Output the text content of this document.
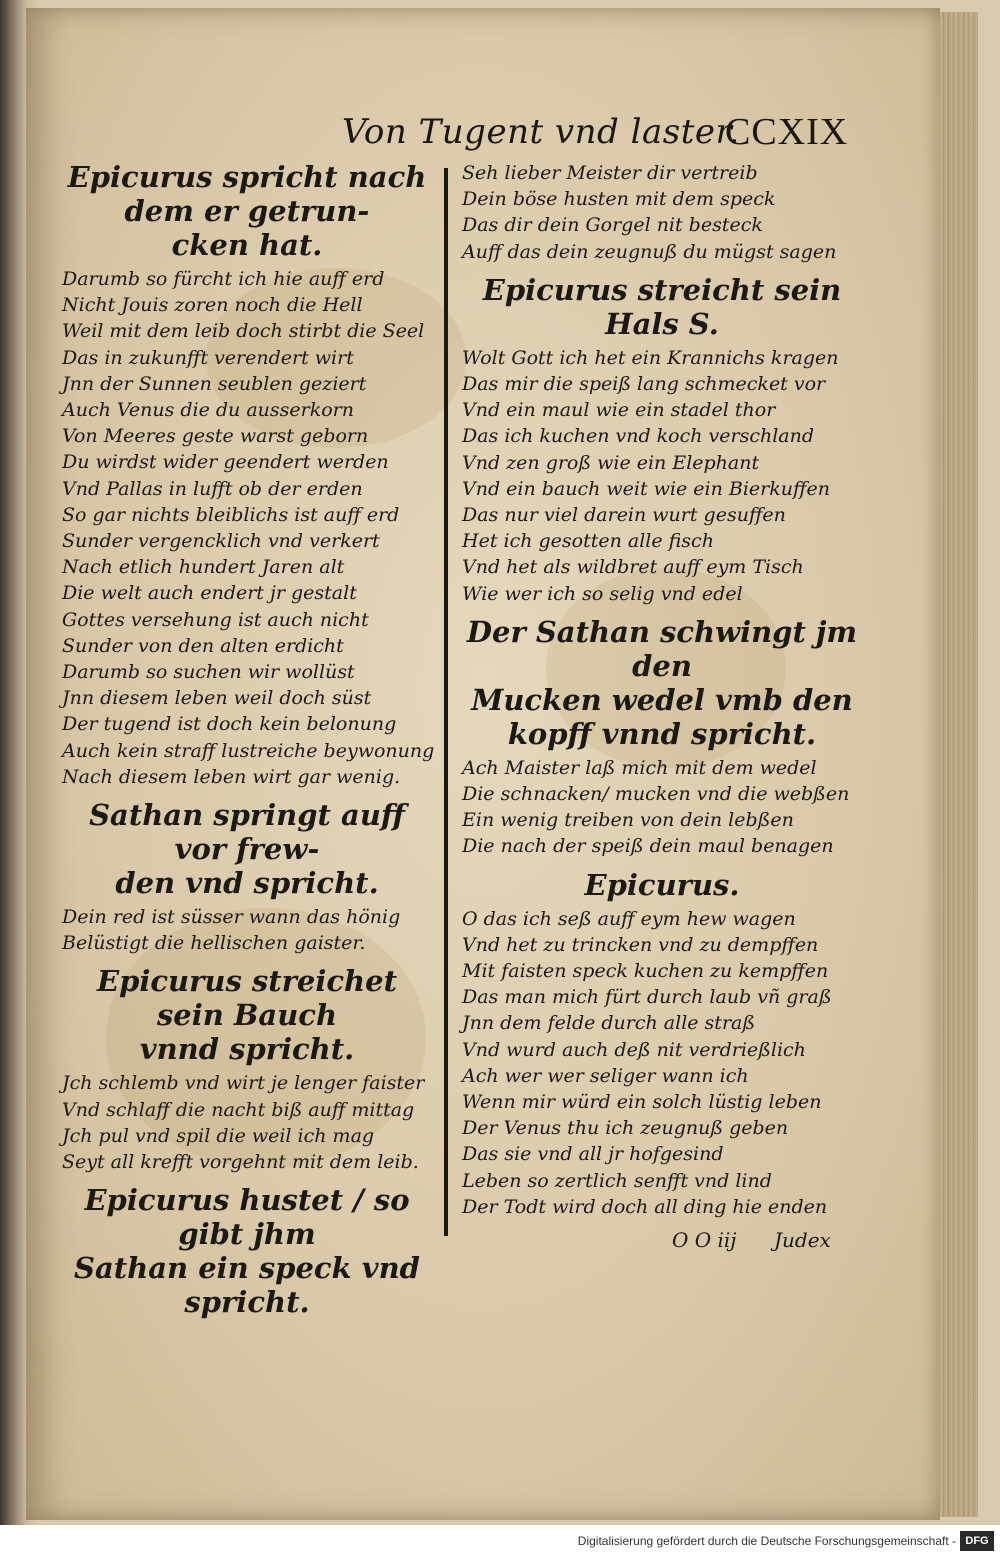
Von Tugent vnd laster.
CCXIX
Epicurus spricht nach
dem er getrun-
cken hat.
Darumb so fürcht ich hie auff erd
Nicht Jouis zoren noch die Hell
Weil mit dem leib doch stirbt die Seel
Das in zukunfft verendert wirt
Jnn der Sunnen seublen geziert
Auch Venus die du ausserkorn
Von Meeres geste warst geborn
Du wirdst wider geendert werden
Vnd Pallas in lufft ob der erden
So gar nichts bleiblichs ist auff erd
Sunder vergencklich vnd verkert
Nach etlich hundert Jaren alt
Die welt auch endert jr gestalt
Gottes versehung ist auch nicht
Sunder von den alten erdicht
Darumb so suchen wir wollüst
Jnn diesem leben weil doch süst
Der tugend ist doch kein belonung
Auch kein straff lustreiche beywonung
Nach diesem leben wirt gar wenig.
Sathan springt auff vor frew-
den vnd spricht.
Dein red ist süsser wann das hönig
Belüstigt die hellischen gaister.
Epicurus streichet sein Bauch
vnnd spricht.
Jch schlemb vnd wirt je lenger faister
Vnd schlaff die nacht biß auff mittag
Jch pul vnd spil die weil ich mag
Seyt all krefft vorgehnt mit dem leib.
Epicurus hustet / so gibt jhm
Sathan ein speck vnd
spricht.
Seh lieber Meister dir vertreib
Dein böse husten mit dem speck
Das dir dein Gorgel nit besteck
Auff das dein zeugnuß du mügst sagen
Epicurus streicht sein
Hals S.
Wolt Gott ich het ein Krannichs kragen
Das mir die speiß lang schmecket vor
Vnd ein maul wie ein stadel thor
Das ich kuchen vnd koch verschland
Vnd zen groß wie ein Elephant
Vnd ein bauch weit wie ein Bierkuffen
Das nur viel darein wurt gesuffen
Het ich gesotten alle fisch
Vnd het als wildbret auff eym Tisch
Wie wer ich so selig vnd edel
Der Sathan schwingt jm den
Mucken wedel vmb den
kopff vnnd spricht.
Ach Maister laß mich mit dem wedel
Die schnacken/ mucken vnd die webßen
Ein wenig treiben von dein lebßen
Die nach der speiß dein maul benagen
Epicurus.
O das ich seß auff eym hew wagen
Vnd het zu trincken vnd zu dempffen
Mit faisten speck kuchen zu kempffen
Das man mich fürt durch laub vñ graß
Jnn dem felde durch alle straß
Vnd wurd auch deß nit verdrießlich
Ach wer wer seliger wann ich
Wenn mir würd ein solch lüstig leben
Der Venus thu ich zeugnuß geben
Das sie vnd all jr hofgesind
Leben so zertlich senfft vnd lind
Der Todt wird doch all ding hie enden
O O iij Judex
Digitalisierung gefördert durch die Deutsche Forschungsgemeinschaft - DFG
